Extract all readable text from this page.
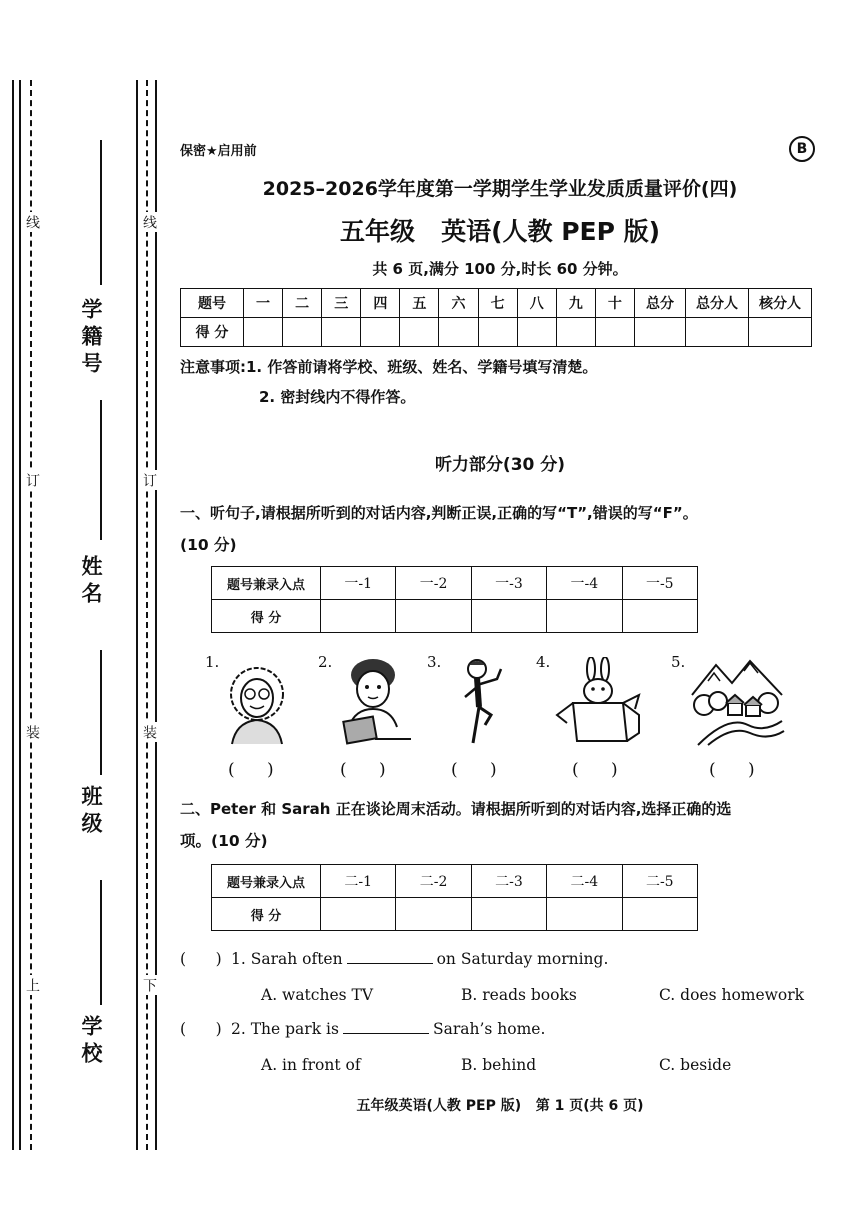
线
订
装
上
线
订
装
下
学籍号
姓名
班级
学校
保密★启用前	B
2025–2026学年度第一学期学生学业发质质量评价(四)
五年级   英语(人教 PEP 版)
共 6 页,满分 100 分,时长 60 分钟。
题号	一	二	三	四	五	六	七	八	九	十	总分	总分人	核分人
得 分													
注意事项:1. 作答前请将学校、班级、姓名、学籍号填写清楚。
2. 密封线内不得作答。
听力部分(30 分)
一、听句子,请根据所听到的对话内容,判断正误,正确的写“T”,错误的写“F”。
(10 分)
题号兼录入点	一-1	一-2	一-3	一-4	一-5
得 分					
1.	2.	3.	4.	5.
(      )	(      )	(      )	(      )	(      )
二、Peter 和 Sarah 正在谈论周末活动。请根据所听到的对话内容,选择正确的选
项。(10 分)
题号兼录入点	二-1	二-2	二-3	二-4	二-5
得 分					
(      ) 1. Sarah often	on Saturday morning.
A. watches TV	B. reads books	C. does homework
(      ) 2. The park is	Sarah’s home.
A. in front of	B. behind	C. beside
五年级英语(人教 PEP 版)   第 1 页(共 6 页)
